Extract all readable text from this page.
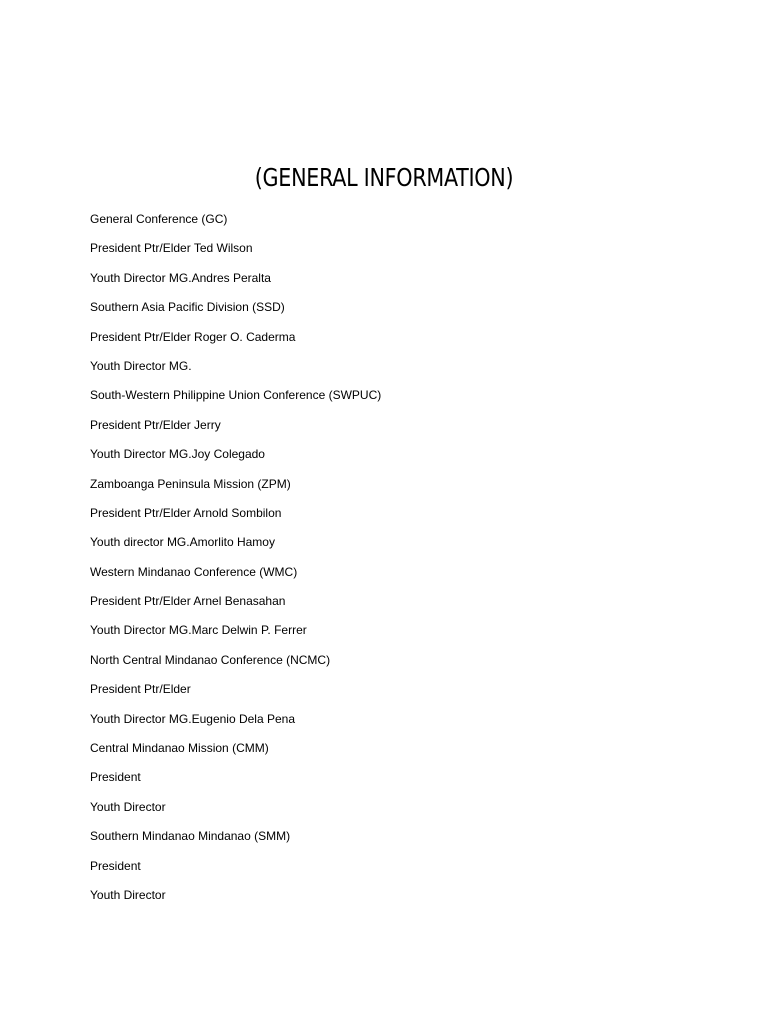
(GENERAL INFORMATION)
General Conference (GC)
President Ptr/Elder Ted Wilson
Youth Director MG.Andres Peralta
Southern Asia Pacific Division (SSD)
President Ptr/Elder Roger O. Caderma
Youth Director MG.
South-Western Philippine Union Conference (SWPUC)
President Ptr/Elder Jerry
Youth Director MG.Joy Colegado
Zamboanga Peninsula Mission (ZPM)
President Ptr/Elder Arnold Sombilon
Youth director MG.Amorlito Hamoy
Western Mindanao Conference (WMC)
President Ptr/Elder Arnel Benasahan
Youth Director MG.Marc Delwin P. Ferrer
North Central Mindanao Conference (NCMC)
President Ptr/Elder
Youth Director MG.Eugenio Dela Pena
Central Mindanao Mission (CMM)
President
Youth Director
Southern Mindanao Mindanao (SMM)
President
Youth Director
